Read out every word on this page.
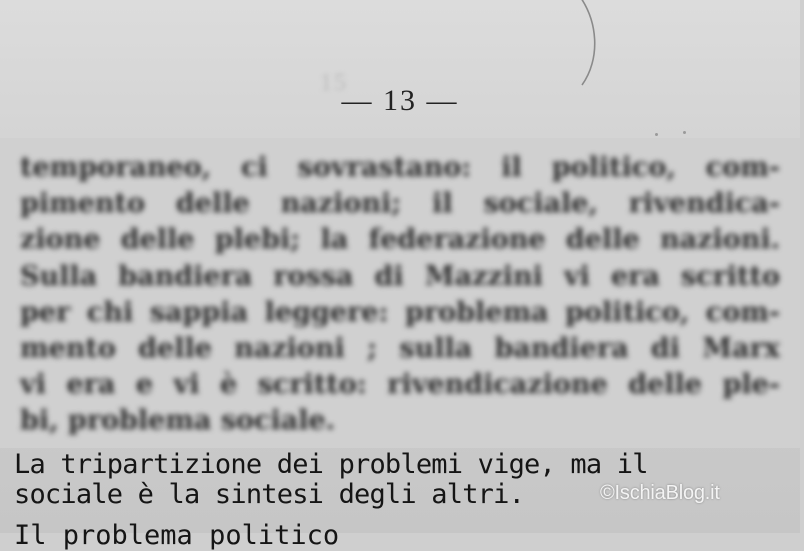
15
— 13 —
temporaneo, ci sovrastano: il politico, com-
pimento delle nazioni; il sociale, rivendica-
zione delle plebi; la federazione delle nazioni.
Sulla bandiera rossa di Mazzini vi era scritto
per chi sappia leggere: problema politico, com-
mento delle nazioni ; sulla bandiera di Marx
vi era e vi è scritto: rivendicazione delle ple-
bi, problema sociale.
La tripartizione dei problemi vige, ma il
sociale è la sintesi degli altri.
Il problema politico
©IschiaBlog.it
